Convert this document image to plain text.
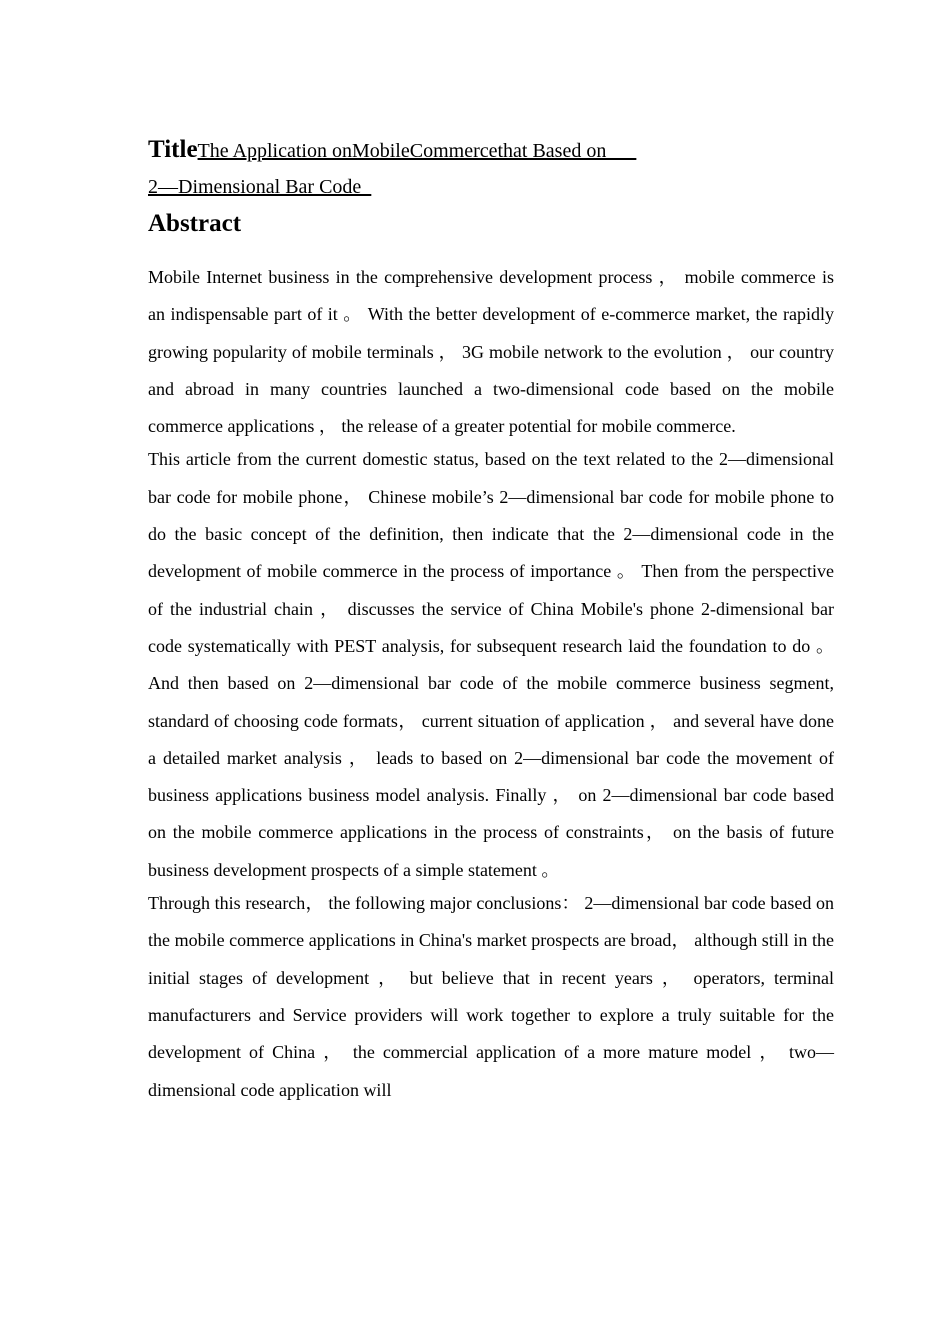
TitleThe Application onMobileCommercethat Based on
2—Dimensional Bar Code
Abstract

Mobile Internet business in the comprehensive development process ， mobile commerce is an indispensable part of it 。 With the better development of e-commerce market, the rapidly growing popularity of mobile terminals ， 3G mobile network to the evolution ， our country and abroad in many countries launched a two-dimensional code based on the mobile commerce applications ， the release of a greater potential for mobile commerce.

This article from the current domestic status, based on the text related to the 2—dimensional bar code for mobile phone， Chinese mobile’s 2—dimensional bar code for mobile phone to do the basic concept of the definition, then indicate that the 2—dimensional code in the development of mobile commerce in the process of importance 。 Then from the perspective of the industrial chain ， discusses the service of China Mobile's phone 2-dimensional bar code systematically with PEST analysis, for subsequent research laid the foundation to do 。 And then based on 2—dimensional bar code of the mobile commerce business segment, standard of choosing code formats， current situation of application ， and several have done a detailed market analysis ， leads to based on 2—dimensional bar code the movement of business applications business model analysis. Finally ， on 2—dimensional bar code based on the mobile commerce applications in the process of constraints， on the basis of future business development prospects of a simple statement 。

Through this research， the following major conclusions： 2—dimensional bar code based on the mobile commerce applications in China's market prospects are broad， although still in the initial stages of development ， but believe that in recent years ， operators, terminal manufacturers and Service providers will work together to explore a truly suitable for the development of China ， the commercial application of a more mature model ， two—dimensional code application will
